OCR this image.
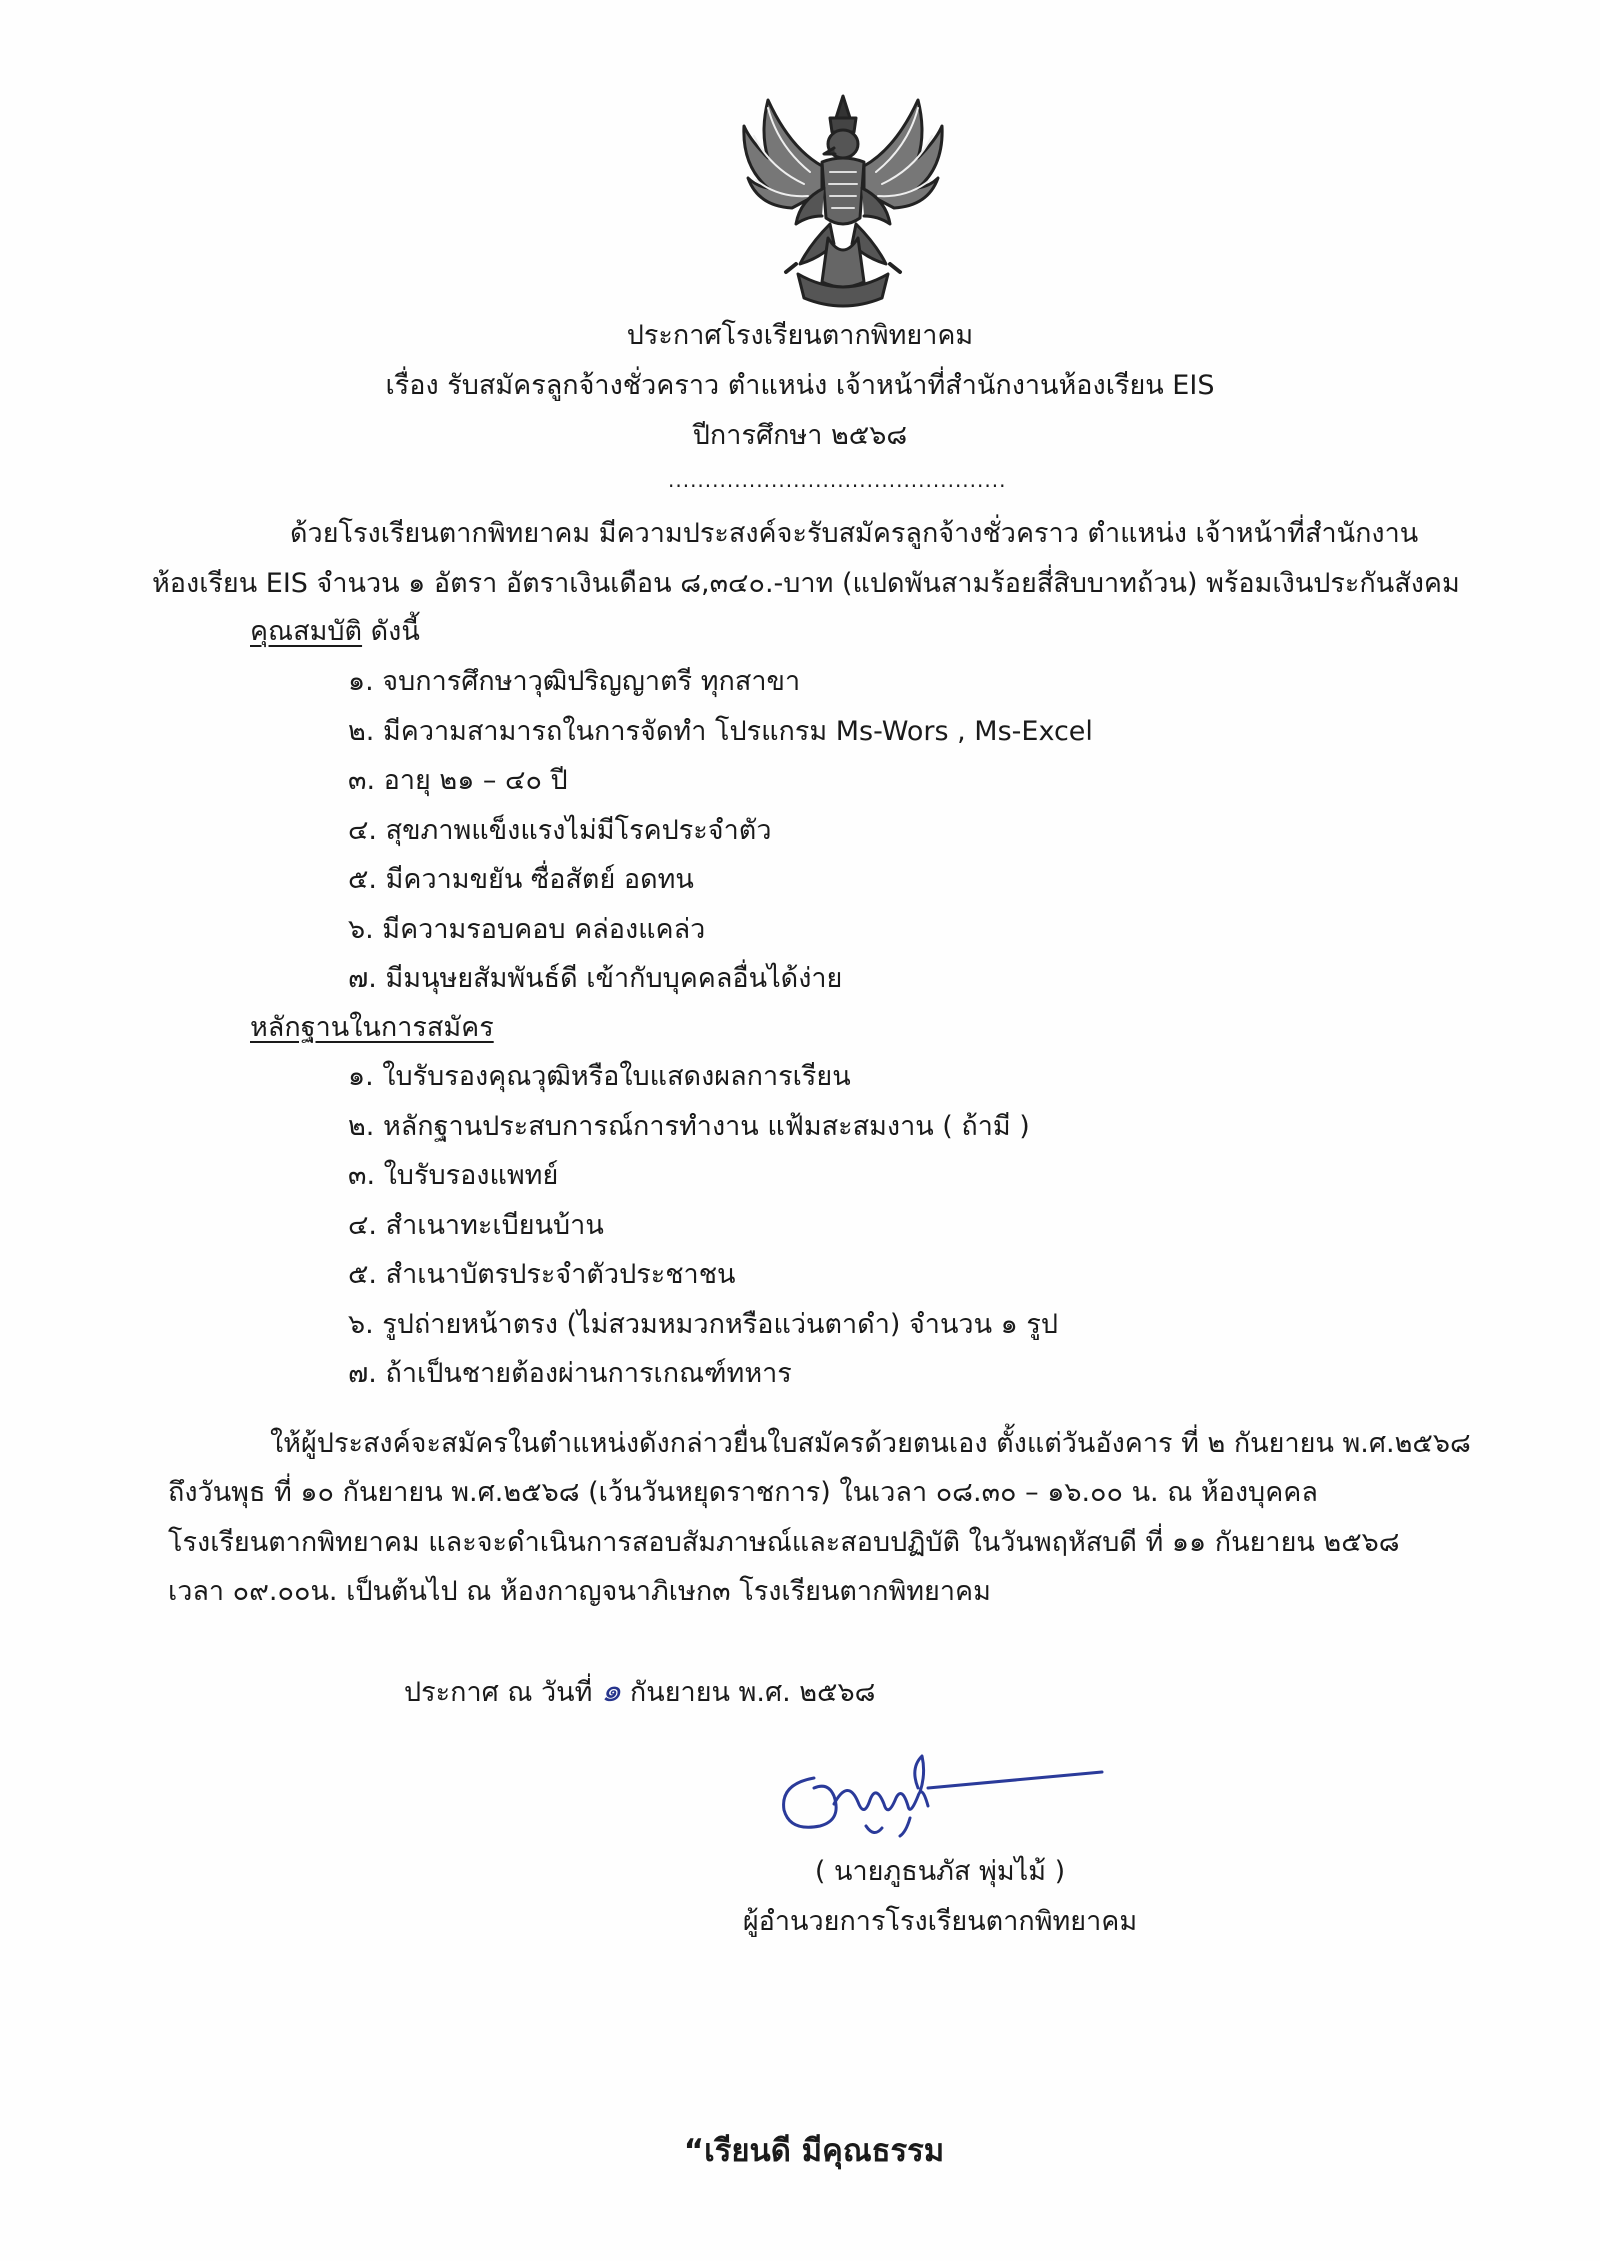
ประกาศโรงเรียนตากพิทยาคม
เรื่อง รับสมัครลูกจ้างชั่วคราว ตำแหน่ง เจ้าหน้าที่สำนักงานห้องเรียน EIS
ปีการศึกษา ๒๕๖๘
..............................................
ด้วยโรงเรียนตากพิทยาคม มีความประสงค์จะรับสมัครลูกจ้างชั่วคราว ตำแหน่ง เจ้าหน้าที่สำนักงาน
ห้องเรียน EIS จำนวน ๑ อัตรา อัตราเงินเดือน ๘,๓๔๐.-บาท (แปดพันสามร้อยสี่สิบบาทถ้วน) พร้อมเงินประกันสังคม
คุณสมบัติ ดังนี้
๑. จบการศึกษาวุฒิปริญญาตรี ทุกสาขา
๒. มีความสามารถในการจัดทำ โปรแกรม Ms-Wors , Ms-Excel
๓. อายุ ๒๑ – ๔๐ ปี
๔. สุขภาพแข็งแรงไม่มีโรคประจำตัว
๕. มีความขยัน ซื่อสัตย์ อดทน
๖. มีความรอบคอบ คล่องแคล่ว
๗. มีมนุษยสัมพันธ์ดี เข้ากับบุคคลอื่นได้ง่าย
หลักฐานในการสมัคร
๑. ใบรับรองคุณวุฒิหรือใบแสดงผลการเรียน
๒. หลักฐานประสบการณ์การทำงาน แฟ้มสะสมงาน ( ถ้ามี )
๓. ใบรับรองแพทย์
๔. สำเนาทะเบียนบ้าน
๕. สำเนาบัตรประจำตัวประชาชน
๖. รูปถ่ายหน้าตรง (ไม่สวมหมวกหรือแว่นตาดำ) จำนวน ๑ รูป
๗. ถ้าเป็นชายต้องผ่านการเกณฑ์ทหาร
ให้ผู้ประสงค์จะสมัครในตำแหน่งดังกล่าวยื่นใบสมัครด้วยตนเอง ตั้งแต่วันอังคาร ที่ ๒ กันยายน พ.ศ.๒๕๖๘
ถึงวันพุธ ที่ ๑๐ กันยายน พ.ศ.๒๕๖๘ (เว้นวันหยุดราชการ) ในเวลา ๐๘.๓๐ – ๑๖.๐๐ น. ณ ห้องบุคคล
โรงเรียนตากพิทยาคม และจะดำเนินการสอบสัมภาษณ์และสอบปฏิบัติ ในวันพฤหัสบดี ที่ ๑๑ กันยายน ๒๕๖๘
เวลา ๐๙.๐๐น. เป็นต้นไป ณ ห้องกาญจนาภิเษก๓ โรงเรียนตากพิทยาคม
ประกาศ ณ วันที่ ๑ กันยายน พ.ศ. ๒๕๖๘
( นายภูธนภัส พุ่มไม้ )
ผู้อำนวยการโรงเรียนตากพิทยาคม
“เรียนดี มีคุณธรรม
